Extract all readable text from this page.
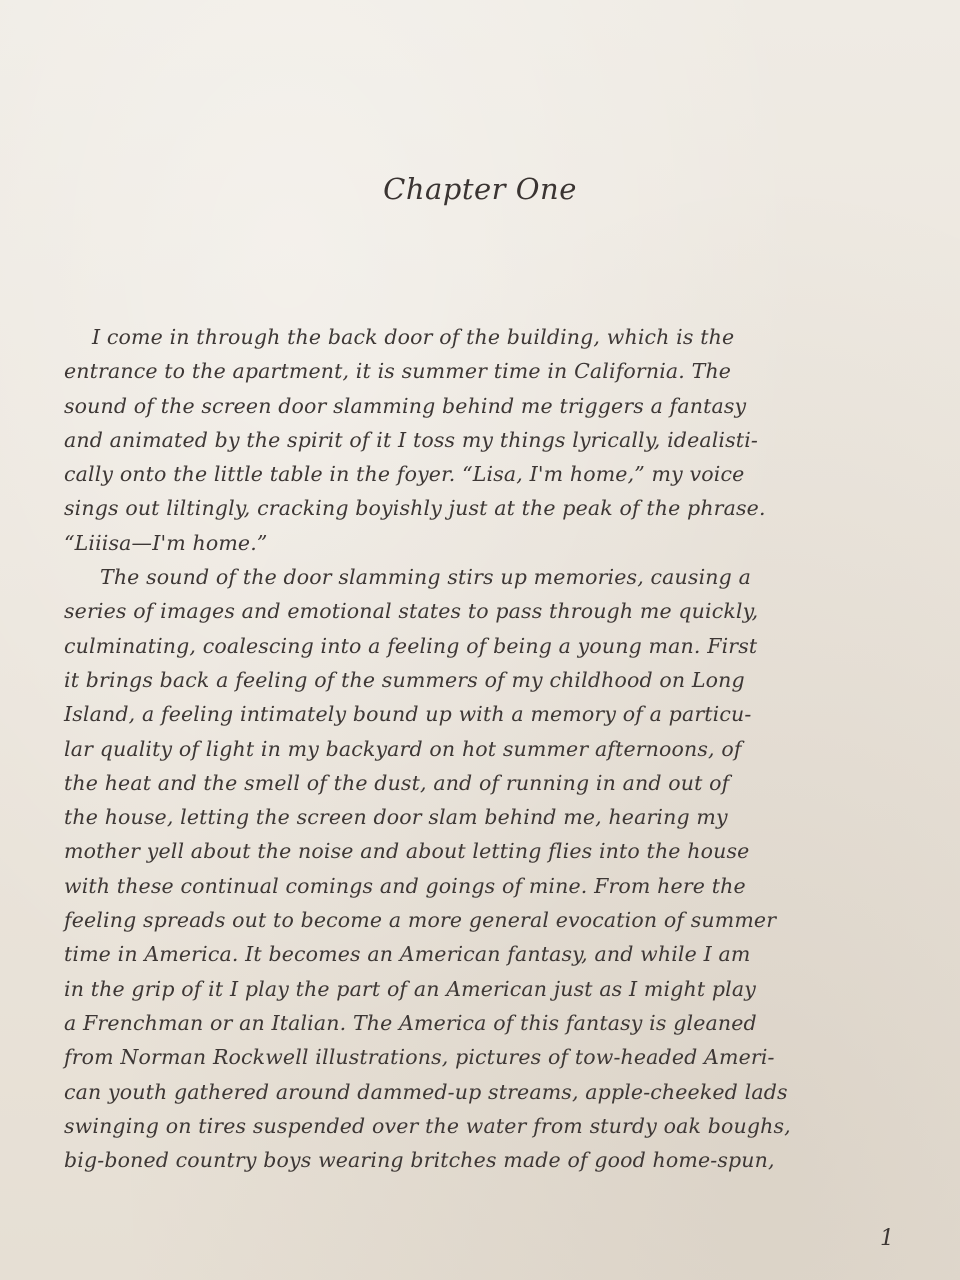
Chapter One
I come in through the back door of the building, which is the
entrance to the apartment, it is summer time in California. The
sound of the screen door slamming behind me triggers a fantasy
and animated by the spirit of it I toss my things lyrically, idealisti-
cally onto the little table in the foyer. “Lisa, I'm home,” my voice
sings out liltingly, cracking boyishly just at the peak of the phrase.
“Liiisa—I'm home.”
The sound of the door slamming stirs up memories, causing a
series of images and emotional states to pass through me quickly,
culminating, coalescing into a feeling of being a young man. First
it brings back a feeling of the summers of my childhood on Long
Island, a feeling intimately bound up with a memory of a particu-
lar quality of light in my backyard on hot summer afternoons, of
the heat and the smell of the dust, and of running in and out of
the house, letting the screen door slam behind me, hearing my
mother yell about the noise and about letting flies into the house
with these continual comings and goings of mine. From here the
feeling spreads out to become a more general evocation of summer
time in America. It becomes an American fantasy, and while I am
in the grip of it I play the part of an American just as I might play
a Frenchman or an Italian. The America of this fantasy is gleaned
from Norman Rockwell illustrations, pictures of tow-headed Ameri-
can youth gathered around dammed-up streams, apple-cheeked lads
swinging on tires suspended over the water from sturdy oak boughs,
big-boned country boys wearing britches made of good home-spun,
1
